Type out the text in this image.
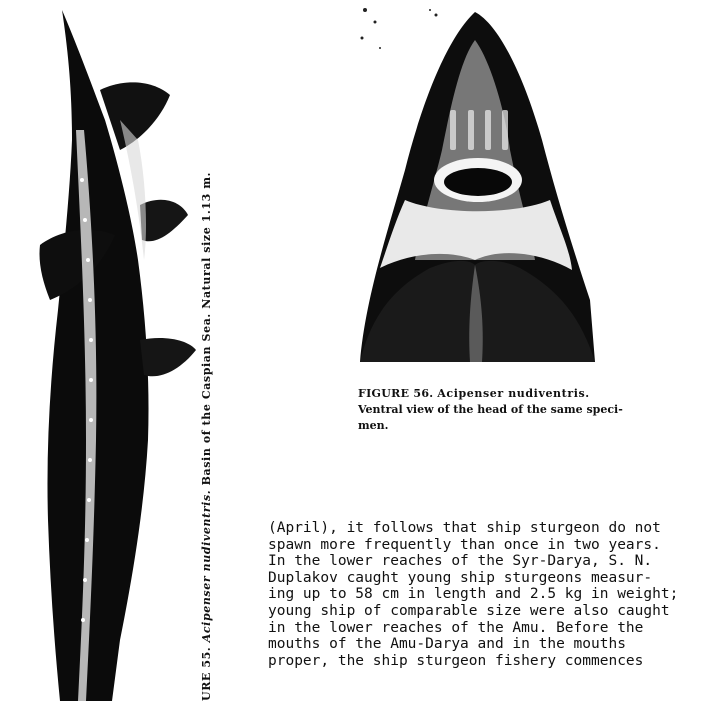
URE 55. Acipenser nudiventris. Basin of the Caspian Sea. Natural size 1.13 m.
FIGURE 56. Acipenser nudiventris.
Ventral view of the head of the same speci-
men.
(April), it follows that ship sturgeon do not
spawn more frequently than once in two years.
In the lower reaches of the Syr-Darya, S. N.
Duplakov caught young ship sturgeons measur-
ing up to 58 cm in length and 2.5 kg in weight;
young ship of comparable size were also caught
in the lower reaches of the Amu. Before the
mouths of the Amu-Darya and in the mouths
proper, the ship sturgeon fishery commences
